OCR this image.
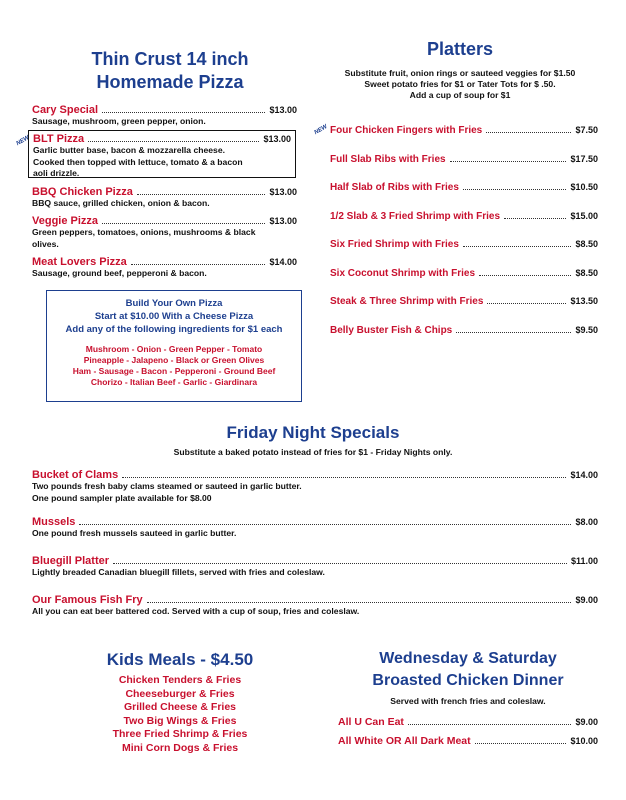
Thin Crust 14 inch
Homemade Pizza
Cary Special	$13.00
Sausage, mushroom, green pepper, onion.
NEW BLT Pizza	$13.00
Garlic butter base, bacon & mozzarella cheese. Cooked then topped with lettuce, tomato & a bacon aoli drizzle.
BBQ Chicken Pizza	$13.00
BBQ sauce, grilled chicken, onion & bacon.
Veggie Pizza	$13.00
Green peppers, tomatoes, onions, mushrooms & black olives.
Meat Lovers Pizza	$14.00
Sausage, ground beef, pepperoni & bacon.
Build Your Own Pizza
Start at $10.00 With a Cheese Pizza
Add any of the following ingredients for $1 each
Mushroom - Onion - Green Pepper - Tomato
Pineapple - Jalapeno - Black or Green Olives
Ham - Sausage - Bacon - Pepperoni - Ground Beef
Chorizo - Italian Beef - Garlic - Giardinara
Platters
Substitute fruit, onion rings or sauteed veggies for $1.50
Sweet potato fries for $1 or Tater Tots for $ .50.
Add a cup of soup for $1
NEW Four Chicken Fingers with Fries	$7.50
Full Slab Ribs with Fries	$17.50
Half Slab of Ribs with Fries	$10.50
1/2 Slab & 3 Fried Shrimp with Fries	$15.00
Six Fried Shrimp with Fries	$8.50
Six Coconut Shrimp with Fries	$8.50
Steak & Three Shrimp with Fries	$13.50
Belly Buster Fish & Chips	$9.50
Friday Night Specials
Substitute a baked potato instead of fries for $1 - Friday Nights only.
Bucket of Clams	$14.00
Two pounds fresh baby clams steamed or sauteed in garlic butter.
One pound sampler plate available for $8.00
Mussels	$8.00
One pound fresh mussels sauteed in garlic butter.
Bluegill Platter	$11.00
Lightly breaded Canadian bluegill fillets, served with fries and coleslaw.
Our Famous Fish Fry	$9.00
All you can eat beer battered cod. Served with a cup of soup, fries and coleslaw.
Kids Meals - $4.50
Chicken Tenders & Fries
Cheeseburger & Fries
Grilled Cheese & Fries
Two Big Wings & Fries
Three Fried Shrimp & Fries
Mini Corn Dogs & Fries
Wednesday & Saturday
Broasted Chicken Dinner
Served with french fries and coleslaw.
All U Can Eat	$9.00
All White OR All Dark Meat	$10.00
